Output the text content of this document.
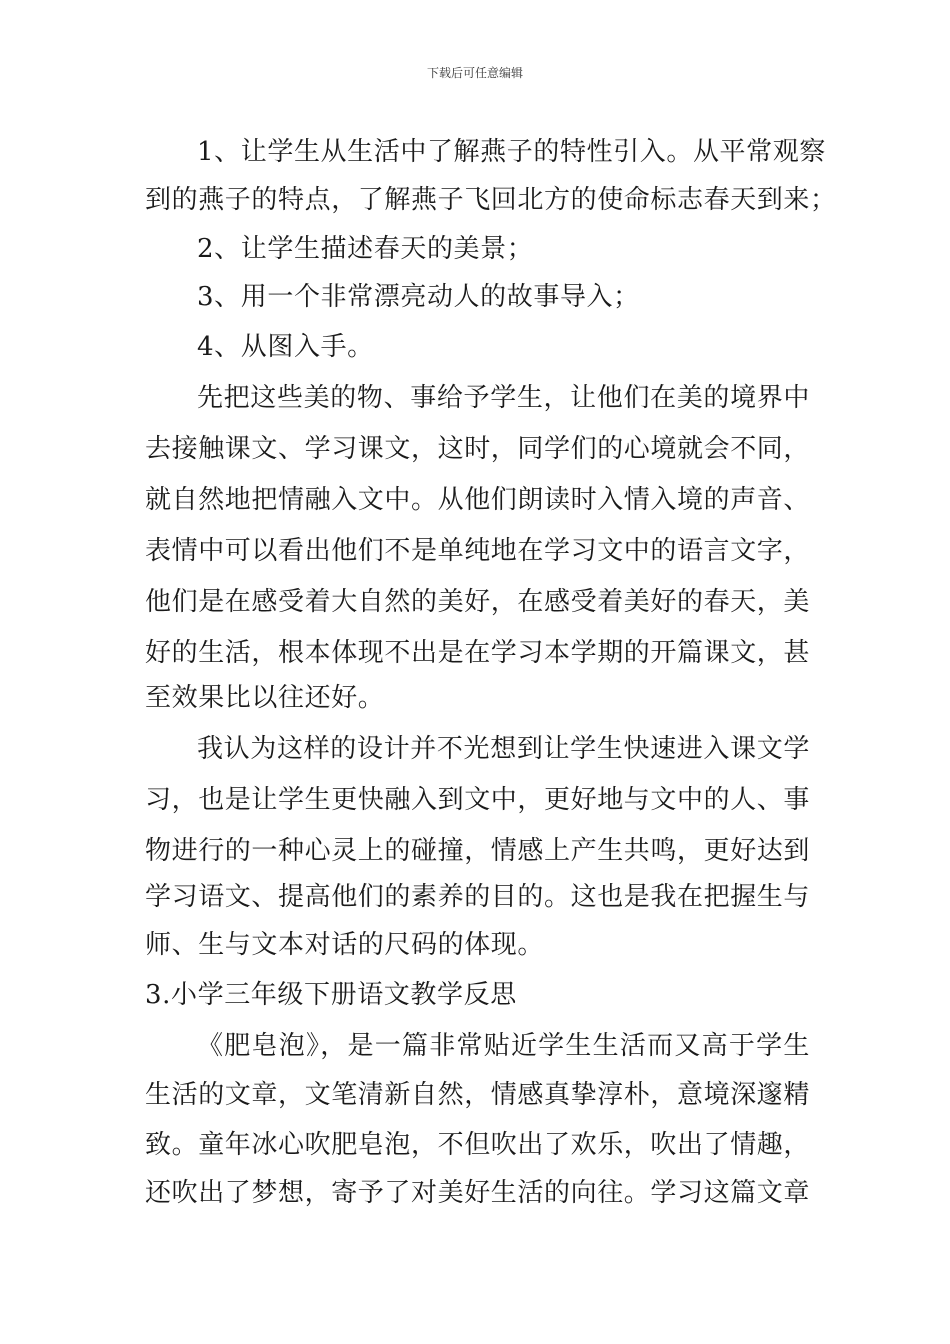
下载后可任意编辑
1、让学生从生活中了解燕子的特性引入。从平常观察
到的燕子的特点，了解燕子飞回北方的使命标志春天到来；
2、让学生描述春天的美景；
3、用一个非常漂亮动人的故事导入；
4、从图入手。
先把这些美的物、事给予学生，让他们在美的境界中
去接触课文、学习课文，这时，同学们的心境就会不同，
就自然地把情融入文中。从他们朗读时入情入境的声音、
表情中可以看出他们不是单纯地在学习文中的语言文字，
他们是在感受着大自然的美好，在感受着美好的春天，美
好的生活，根本体现不出是在学习本学期的开篇课文，甚
至效果比以往还好。
我认为这样的设计并不光想到让学生快速进入课文学
习，也是让学生更快融入到文中，更好地与文中的人、事
物进行的一种心灵上的碰撞，情感上产生共鸣，更好达到
学习语文、提高他们的素养的目的。这也是我在把握生与
师、生与文本对话的尺码的体现。
3.小学三年级下册语文教学反思
《肥皂泡》，是一篇非常贴近学生生活而又高于学生
生活的文章，文笔清新自然，情感真挚淳朴，意境深邃精
致。童年冰心吹肥皂泡，不但吹出了欢乐，吹出了情趣，
还吹出了梦想，寄予了对美好生活的向往。学习这篇文章
